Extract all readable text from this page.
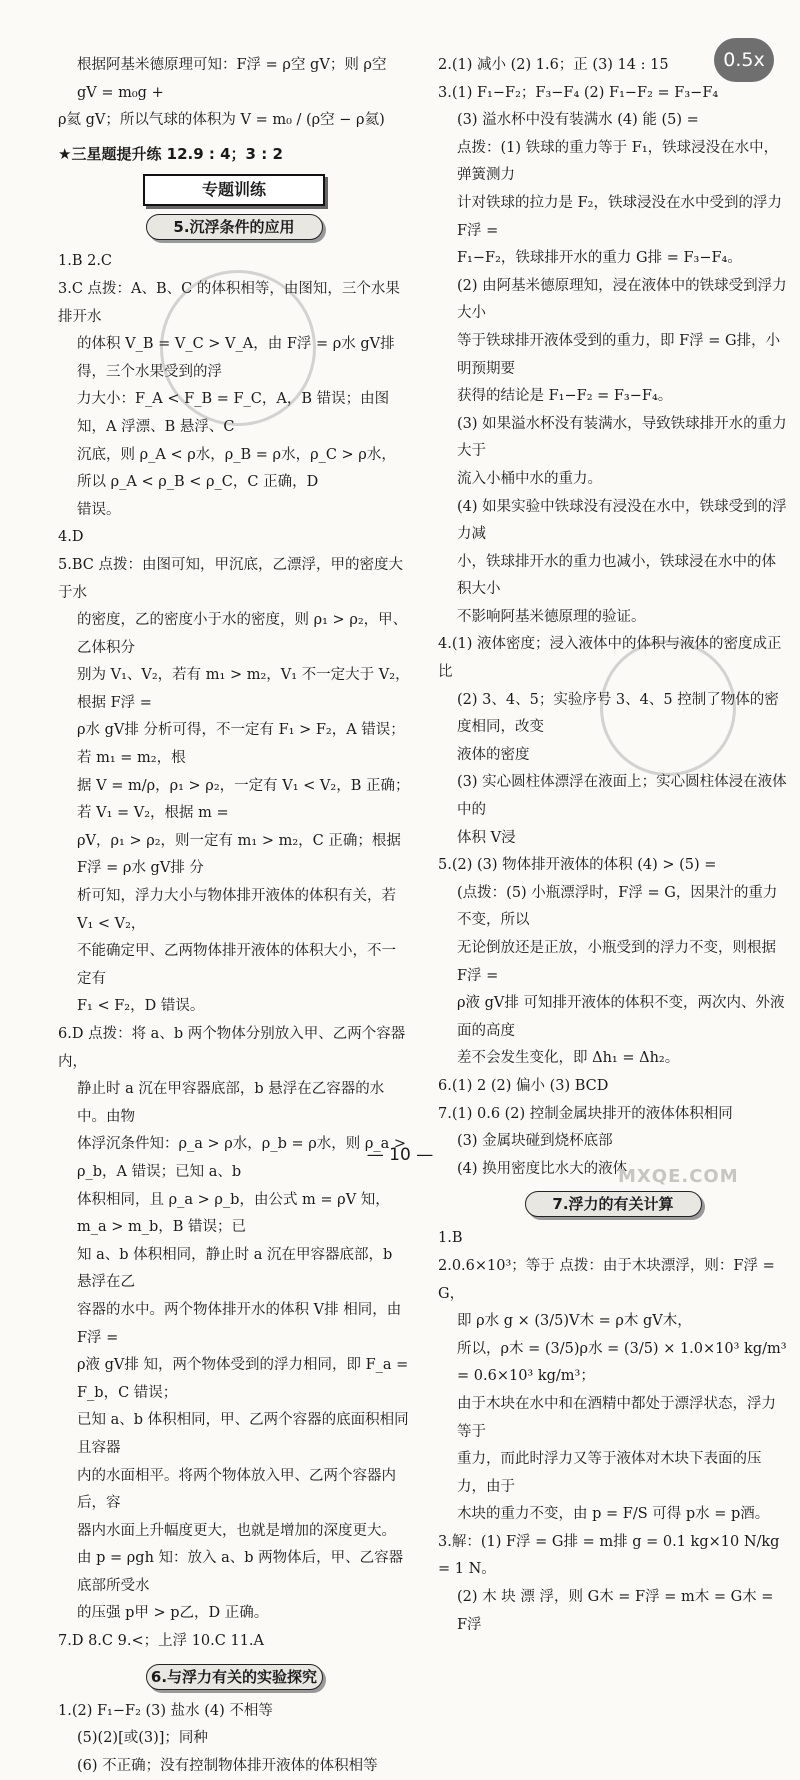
根据阿基米德原理可知：F浮 = ρ空 gV；则 ρ空 gV = m₀g +

ρ氦 gV；所以气球的体积为 V = m₀ / (ρ空 − ρ氦)

★三星题提升练 12.9 : 4；3 : 2

专题训练
5.沉浮条件的应用

1.B 2.C

3.C 点拨：A、B、C 的体积相等，由图知，三个水果排开水

的体积 V_B = V_C > V_A，由 F浮 = ρ水 gV排 得，三个水果受到的浮

力大小：F_A < F_B = F_C，A，B 错误；由图知，A 浮漂、B 悬浮、C

沉底，则 ρ_A < ρ水，ρ_B = ρ水，ρ_C > ρ水，所以 ρ_A < ρ_B < ρ_C，C 正确，D

错误。

4.D

5.BC 点拨：由图可知，甲沉底，乙漂浮，甲的密度大于水

的密度，乙的密度小于水的密度，则 ρ₁ > ρ₂，甲、乙体积分

别为 V₁、V₂，若有 m₁ > m₂，V₁ 不一定大于 V₂，根据 F浮 =

ρ水 gV排 分析可得，不一定有 F₁ > F₂，A 错误；若 m₁ = m₂，根

据 V = m/ρ，ρ₁ > ρ₂，一定有 V₁ < V₂，B 正确；若 V₁ = V₂，根据 m =

ρV，ρ₁ > ρ₂，则一定有 m₁ > m₂，C 正确；根据 F浮 = ρ水 gV排 分

析可知，浮力大小与物体排开液体的体积有关，若 V₁ < V₂，

不能确定甲、乙两物体排开液体的体积大小，不一定有

F₁ < F₂，D 错误。

6.D 点拨：将 a、b 两个物体分别放入甲、乙两个容器内，

静止时 a 沉在甲容器底部，b 悬浮在乙容器的水中。由物

体浮沉条件知：ρ_a > ρ水，ρ_b = ρ水，则 ρ_a > ρ_b，A 错误；已知 a、b

体积相同，且 ρ_a > ρ_b，由公式 m = ρV 知，m_a > m_b，B 错误；已

知 a、b 体积相同，静止时 a 沉在甲容器底部，b 悬浮在乙

容器的水中。两个物体排开水的体积 V排 相同，由 F浮 =

ρ液 gV排 知，两个物体受到的浮力相同，即 F_a = F_b，C 错误；

已知 a、b 体积相同，甲、乙两个容器的底面积相同且容器

内的水面相平。将两个物体放入甲、乙两个容器内后，容

器内水面上升幅度更大，也就是增加的深度更大。

由 p = ρgh 知：放入 a、b 两物体后，甲、乙容器底部所受水

的压强 p甲 > p乙，D 正确。

7.D 8.C 9.<；上浮 10.C 11.A

6.与浮力有关的实验探究

1.(2) F₁−F₂ (3) 盐水 (4) 不相等

(5)(2)[或(3)]；同种

(6) 不正确；没有控制物体排开液体的体积相等

2.(1) 减小 (2) 1.6；正 (3) 14 : 15

3.(1) F₁−F₂；F₃−F₄ (2) F₁−F₂ = F₃−F₄

(3) 溢水杯中没有装满水 (4) 能 (5) =

点拨：(1) 铁球的重力等于 F₁，铁球浸没在水中，弹簧测力

计对铁球的拉力是 F₂，铁球浸没在水中受到的浮力 F浮 =

F₁−F₂，铁球排开水的重力 G排 = F₃−F₄。

(2) 由阿基米德原理知，浸在液体中的铁球受到浮力大小

等于铁球排开液体受到的重力，即 F浮 = G排，小明预期要

获得的结论是 F₁−F₂ = F₃−F₄。

(3) 如果溢水杯没有装满水，导致铁球排开水的重力大于

流入小桶中水的重力。

(4) 如果实验中铁球没有浸没在水中，铁球受到的浮力减

小，铁球排开水的重力也减小，铁球浸在水中的体积大小

不影响阿基米德原理的验证。

4.(1) 液体密度；浸入液体中的体积与液体的密度成正比

(2) 3、4、5；实验序号 3、4、5 控制了物体的密度相同，改变

液体的密度

(3) 实心圆柱体漂浮在液面上；实心圆柱体浸在液体中的

体积 V浸

5.(2) (3) 物体排开液体的体积 (4) > (5) =

(点拨：(5) 小瓶漂浮时，F浮 = G，因果汁的重力不变，所以

无论倒放还是正放，小瓶受到的浮力不变，则根据 F浮 =

ρ液 gV排 可知排开液体的体积不变，两次内、外液面的高度

差不会发生变化，即 Δh₁ = Δh₂。

6.(1) 2 (2) 偏小 (3) BCD

7.(1) 0.6 (2) 控制金属块排开的液体体积相同

(3) 金属块碰到烧杯底部

(4) 换用密度比水大的液体

7.浮力的有关计算

1.B

2.0.6×10³；等于 点拨：由于木块漂浮，则：F浮 = G，

即 ρ水 g × (3/5)V木 = ρ木 gV木，

所以，ρ木 = (3/5)ρ水 = (3/5) × 1.0×10³ kg/m³ = 0.6×10³ kg/m³；

由于木块在水中和在酒精中都处于漂浮状态，浮力等于

重力，而此时浮力又等于液体对木块下表面的压力，由于

木块的重力不变，由 p = F/S 可得 p水 = p酒。

3.解：(1) F浮 = G排 = m排 g = 0.1 kg×10 N/kg = 1 N。

(2) 木 块 漂 浮，则 G木 = F浮 = m木 = G木 = F浮

0.5x
— 10 —
MXQE.COM
